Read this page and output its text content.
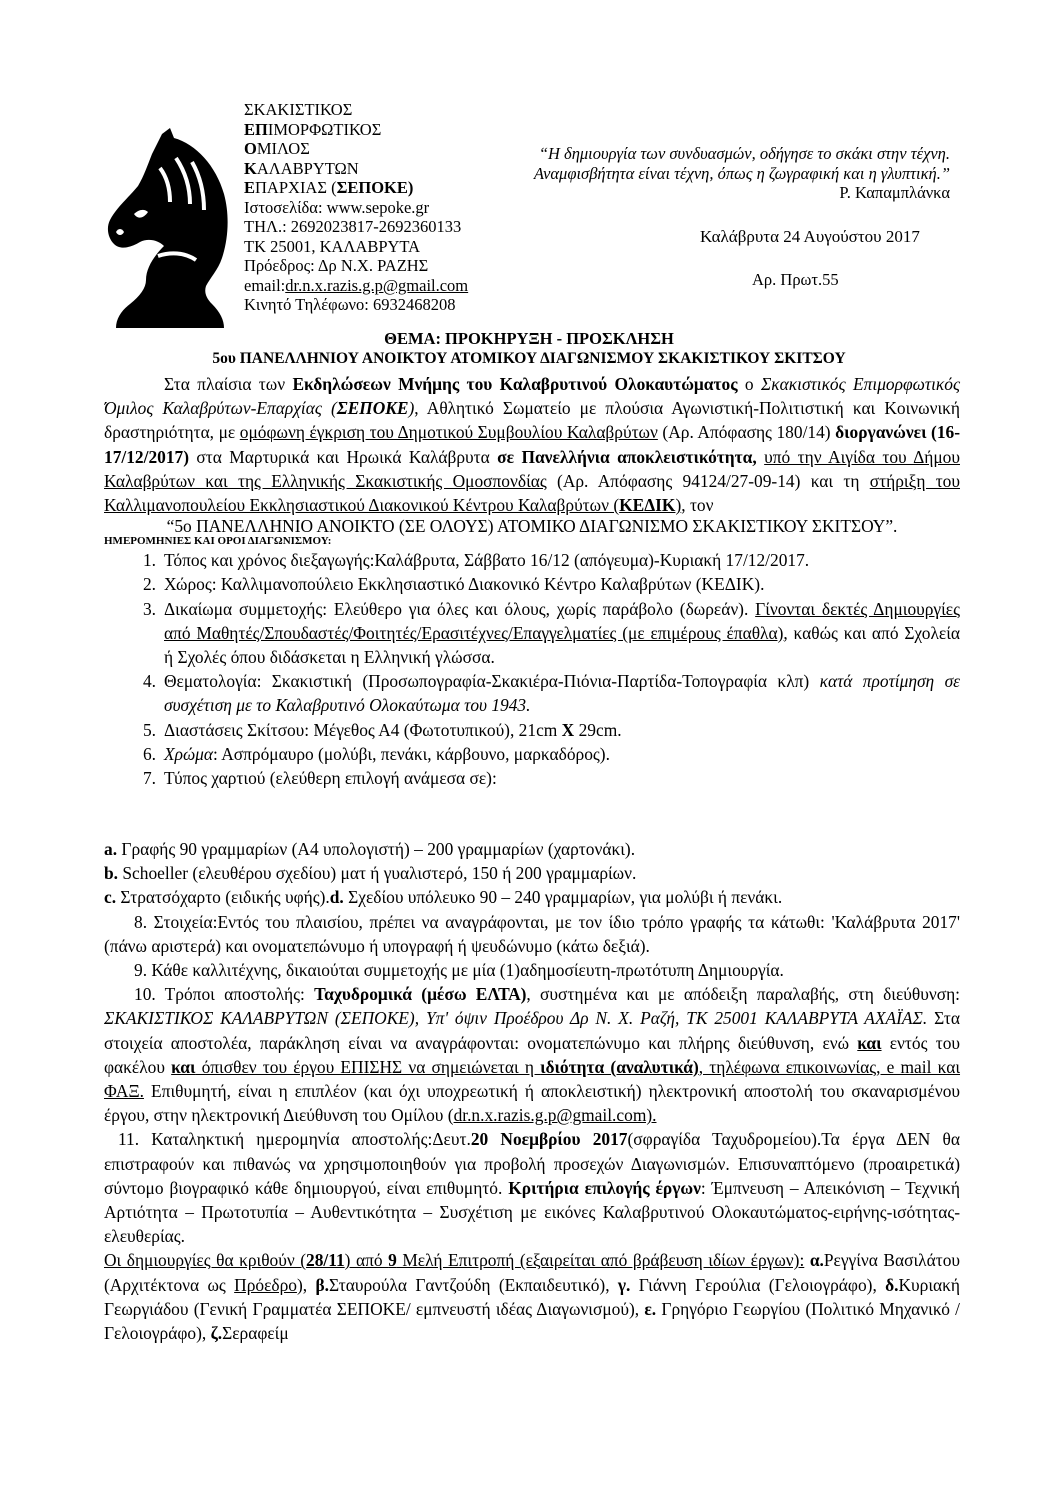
ΣΚΑΚΙΣΤΙΚΟΣ
ΕΠΙΜΟΡΦΩΤΙΚΟΣ
ΟΜΙΛΟΣ
ΚΑΛΑΒΡΥΤΩΝ
ΕΠΑΡΧΙΑΣ (ΣΕΠΟΚΕ)
Ιστοσελίδα: www.sepoke.gr
ΤΗΛ.: 2692023817-2692360133
ΤΚ 25001, ΚΑΛΑΒΡΥΤΑ
Πρόεδρος: Δρ Ν.Χ. ΡΑΖΗΣ
email:dr.n.x.razis.g.p@gmail.com
Κινητό Τηλέφωνο: 6932468208
“Η δημιουργία των συνδυασμών, οδήγησε το σκάκι στην τέχνη.
Αναμφισβήτητα είναι τέχνη, όπως η ζωγραφική και η γλυπτική.”
Ρ. Καπαμπλάνκα
Καλάβρυτα 24 Αυγούστου 2017
Αρ. Πρωτ.55
ΘΕΜΑ: ΠΡΟΚΗΡΥΞΗ - ΠΡΟΣΚΛΗΣΗ
5ου ΠΑΝΕΛΛΗΝΙΟΥ ΑΝΟΙΚΤΟΥ ΑΤΟΜΙΚΟΥ ΔΙΑΓΩΝΙΣΜΟΥ ΣΚΑΚΙΣΤΙΚΟΥ ΣΚΙΤΣΟΥ

Στα πλαίσια των Εκδηλώσεων Μνήμης του Καλαβρυτινού Ολοκαυτώματος ο Σκακιστικός Επιμορφωτικός Όμιλος Καλαβρύτων-Επαρχίας (ΣΕΠΟΚΕ), Αθλητικό Σωματείο με πλούσια Αγωνιστική-Πολιτιστική και Κοινωνική δραστηριότητα, με ομόφωνη έγκριση του Δημοτικού Συμβουλίου Καλαβρύτων (Αρ. Απόφασης 180/14) διοργανώνει (16-17/12/2017) στα Μαρτυρικά και Ηρωικά Καλάβρυτα σε Πανελλήνια αποκλειστικότητα, υπό την Αιγίδα του Δήμου Καλαβρύτων και της Ελληνικής Σκακιστικής Ομοσπονδίας (Αρ. Απόφασης 94124/27-09-14) και τη στήριξη του Καλλιμανοπουλείου Εκκλησιαστικού Διακονικού Κέντρου Καλαβρύτων (ΚΕΔΙΚ), τον

“5ο ΠΑΝΕΛΛΗΝΙΟ ΑΝΟΙΚΤΟ (ΣΕ ΟΛΟΥΣ) ΑΤΟΜΙΚΟ ΔΙΑΓΩΝΙΣΜΟ ΣΚΑΚΙΣΤΙΚΟΥ ΣΚΙΤΣΟΥ”.

ΗΜΕΡΟΜΗΝΙΕΣ ΚΑΙ ΟΡΟΙ ΔΙΑΓΩΝΙΣΜΟΥ:

1. Τόπος και χρόνος διεξαγωγής:Καλάβρυτα, Σάββατο 16/12 (απόγευμα)-Κυριακή 17/12/2017.
2. Χώρος: Καλλιμανοπούλειο Εκκλησιαστικό Διακονικό Κέντρο Καλαβρύτων (ΚΕΔΙΚ).
3. Δικαίωμα συμμετοχής: Ελεύθερο για όλες και όλους, χωρίς παράβολο (δωρεάν). Γίνονται δεκτές Δημιουργίες από Μαθητές/Σπουδαστές/Φοιτητές/Ερασιτέχνες/Επαγγελματίες (με επιμέρους έπαθλα), καθώς και από Σχολεία ή Σχολές όπου διδάσκεται η Ελληνική γλώσσα.
4. Θεματολογία: Σκακιστική (Προσωπογραφία-Σκακιέρα-Πιόνια-Παρτίδα-Τοπογραφία κλπ) κατά προτίμηση σε συσχέτιση με το Καλαβρυτινό Ολοκαύτωμα του 1943.
5. Διαστάσεις Σκίτσου: Μέγεθος Α4 (Φωτοτυπικού), 21cm X 29cm.
6. Χρώμα: Ασπρόμαυρο (μολύβι, πενάκι, κάρβουνο, μαρκαδόρος).
7. Τύπος χαρτιού (ελεύθερη επιλογή ανάμεσα σε):

a. Γραφής 90 γραμμαρίων (Α4 υπολογιστή) – 200 γραμμαρίων (χαρτονάκι).

b. Schoeller (ελευθέρου σχεδίου) ματ ή γυαλιστερό, 150 ή 200 γραμμαρίων.

c. Στρατσόχαρτο (ειδικής υφής).d. Σχεδίου υπόλευκο 90 – 240 γραμμαρίων, για μολύβι ή πενάκι.

8. Στοιχεία:Εντός του πλαισίου, πρέπει να αναγράφονται, με τον ίδιο τρόπο γραφής τα κάτωθι: 'Καλάβρυτα 2017' (πάνω αριστερά) και ονοματεπώνυμο ή υπογραφή ή ψευδώνυμο (κάτω δεξιά).

9. Κάθε καλλιτέχνης, δικαιούται συμμετοχής με μία (1)αδημοσίευτη-πρωτότυπη Δημιουργία.

10. Τρόποι αποστολής: Ταχυδρομικά (μέσω ΕΛΤΑ), συστημένα και με απόδειξη παραλαβής, στη διεύθυνση: ΣΚΑΚΙΣΤΙΚΟΣ ΚΑΛΑΒΡΥΤΩΝ (ΣΕΠΟΚΕ), Υπ' όψιν Προέδρου Δρ Ν. Χ. Ραζή, ΤΚ 25001 ΚΑΛΑΒΡΥΤΑ ΑΧΑΪΑΣ. Στα στοιχεία αποστολέα, παράκληση είναι να αναγράφονται: ονοματεπώνυμο και πλήρης διεύθυνση, ενώ και εντός του φακέλου και όπισθεν του έργου ΕΠΙΣΗΣ να σημειώνεται η ιδιότητα (αναλυτικά), τηλέφωνα επικοινωνίας, e mail και ΦΑΞ. Επιθυμητή, είναι η επιπλέον (και όχι υποχρεωτική ή αποκλειστική) ηλεκτρονική αποστολή του σκαναρισμένου έργου, στην ηλεκτρονική Διεύθυνση του Ομίλου (dr.n.x.razis.g.p@gmail.com).

11. Καταληκτική ημερομηνία αποστολής:Δευτ.20 Νοεμβρίου 2017(σφραγίδα Ταχυδρομείου).Τα έργα ΔΕΝ θα επιστραφούν και πιθανώς να χρησιμοποιηθούν για προβολή προσεχών Διαγωνισμών. Επισυναπτόμενο (προαιρετικά) σύντομο βιογραφικό κάθε δημιουργού, είναι επιθυμητό. Κριτήρια επιλογής έργων: Έμπνευση – Απεικόνιση – Τεχνική Αρτιότητα – Πρωτοτυπία – Αυθεντικότητα – Συσχέτιση με εικόνες Καλαβρυτινού Ολοκαυτώματος-ειρήνης-ισότητας-ελευθερίας.

Οι δημιουργίες θα κριθούν (28/11) από 9 Μελή Επιτροπή (εξαιρείται από βράβευση ιδίων έργων): α.Ρεγγίνα Βασιλάτου (Αρχιτέκτονα ως Πρόεδρο), β.Σταυρούλα Γαντζούδη (Εκπαιδευτικό), γ. Γιάννη Γερούλια (Γελοιογράφο), δ.Κυριακή Γεωργιάδου (Γενική Γραμματέα ΣΕΠΟΚΕ/ εμπνευστή ιδέας Διαγωνισμού), ε. Γρηγόριο Γεωργίου (Πολιτικό Μηχανικό / Γελοιογράφο), ζ.Σεραφείμ
